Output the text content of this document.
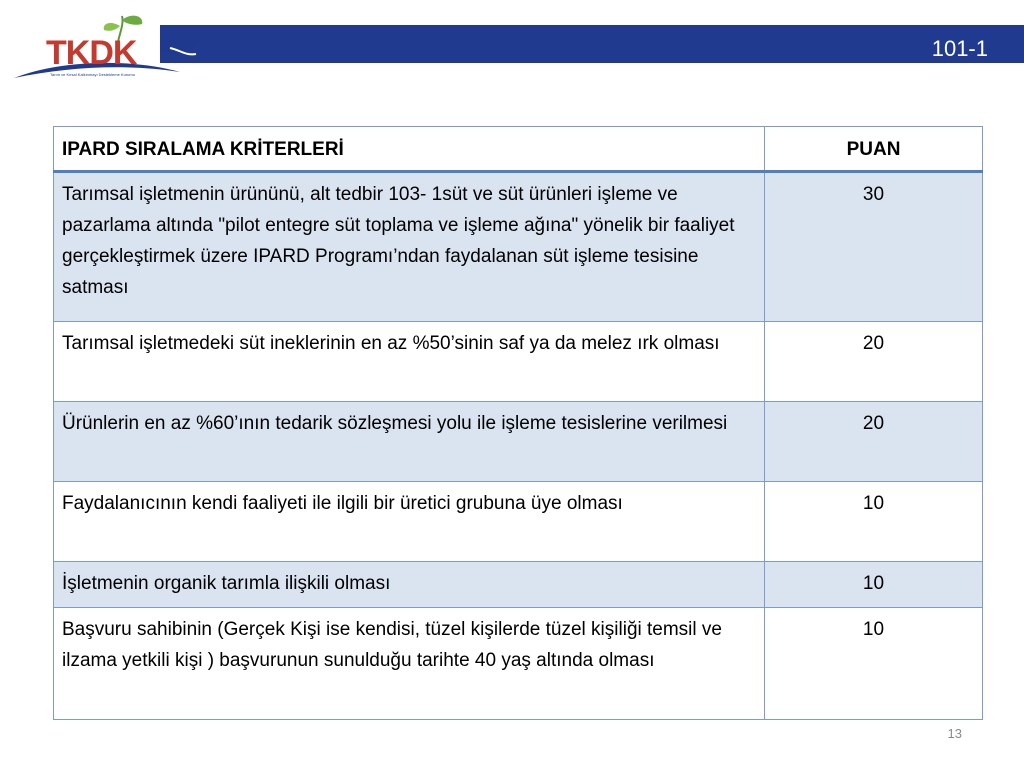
101-1
TKDK
Tarım ve Kırsal Kalkınmayı Destekleme Kurumu
IPARD SIRALAMA KRİTERLERİ	PUAN
Tarımsal işletmenin ürününü, alt tedbir 103- 1süt ve süt ürünleri işleme ve pazarlama altında "pilot entegre süt toplama ve işleme ağına" yönelik bir faaliyet gerçekleştirmek üzere IPARD Programı’ndan faydalanan süt işleme tesisine satması	30
Tarımsal işletmedeki süt ineklerinin en az %50’sinin saf ya da melez ırk olması	20
Ürünlerin en az %60’ının tedarik sözleşmesi yolu ile işleme tesislerine verilmesi	20
Faydalanıcının kendi faaliyeti ile ilgili bir üretici grubuna üye olması	10
İşletmenin organik tarımla ilişkili olması	10
Başvuru sahibinin (Gerçek Kişi ise kendisi, tüzel kişilerde tüzel kişiliği temsil ve ilzama yetkili kişi ) başvurunun sunulduğu tarihte 40 yaş altında olması	10
13
